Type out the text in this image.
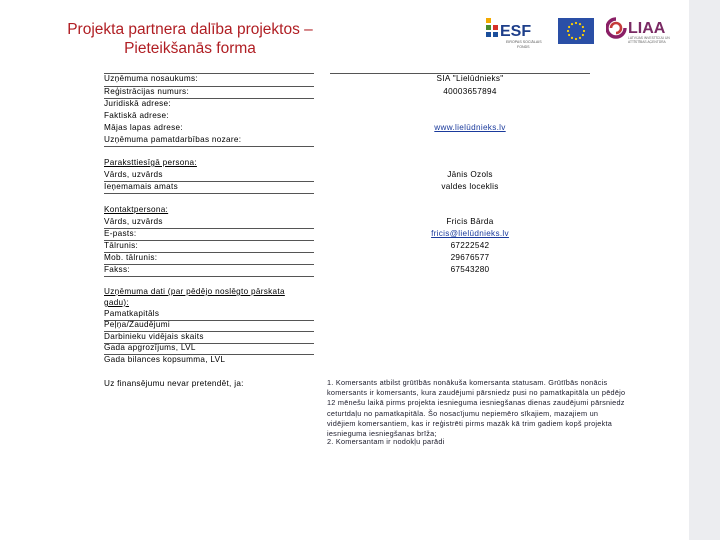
Projekta partnera dalība projektos –
Pieteikšanās forma
ESF
EIROPAS SOCIĀLAIS
FONDS
LIAA
LATVIJAS INVESTĪCIJU UN
ATTĪSTĪBAS AĢENTŪRA
Uzņēmuma nosaukums:	SIA "Lielūdnieks"
Reģistrācijas numurs:	40003657894
Juridiskā adrese:
Faktiskā adrese:
Mājas lapas adrese:	www.lielūdnieks.lv
Uzņēmuma pamatdarbības nozare:
Paraksttiesīgā persona:
Vārds, uzvārds	Jānis Ozols
Ieņemamais amats	valdes loceklis
Kontaktpersona:
Vārds, uzvārds	Fricis Bārda
E-pasts:	fricis@lielūdnieks.lv
Tālrunis:	67222542
Mob. tālrunis:	29676577
Fakss:	67543280
Uzņēmuma dati (par pēdējo noslēgto pārskata
gadu):
Pamatkapitāls
Peļņa/Zaudējumi
Darbinieku vidējais skaits
Gada apgrozījums, LVL
Gada bilances kopsumma, LVL
Uz finansējumu nevar pretendēt, ja:	1. Komersants atbilst grūtībās nonākuša komersanta statusam. Grūtībās nonācis komersants ir komersants, kura zaudējumi pārsniedz pusi no pamatkapitāla un pēdējo 12 mēnešu laikā pirms projekta iesnieguma iesniegšanas dienas zaudējumi pārsniedz ceturtdaļu no pamatkapitāla. Šo nosacījumu nepiemēro sīkajiem, mazajiem un vidējiem komersantiem, kas ir reģistrēti pirms mazāk kā trim gadiem kopš projekta iesnieguma iesniegšanas brīža;
2. Komersantam ir nodokļu parādi
